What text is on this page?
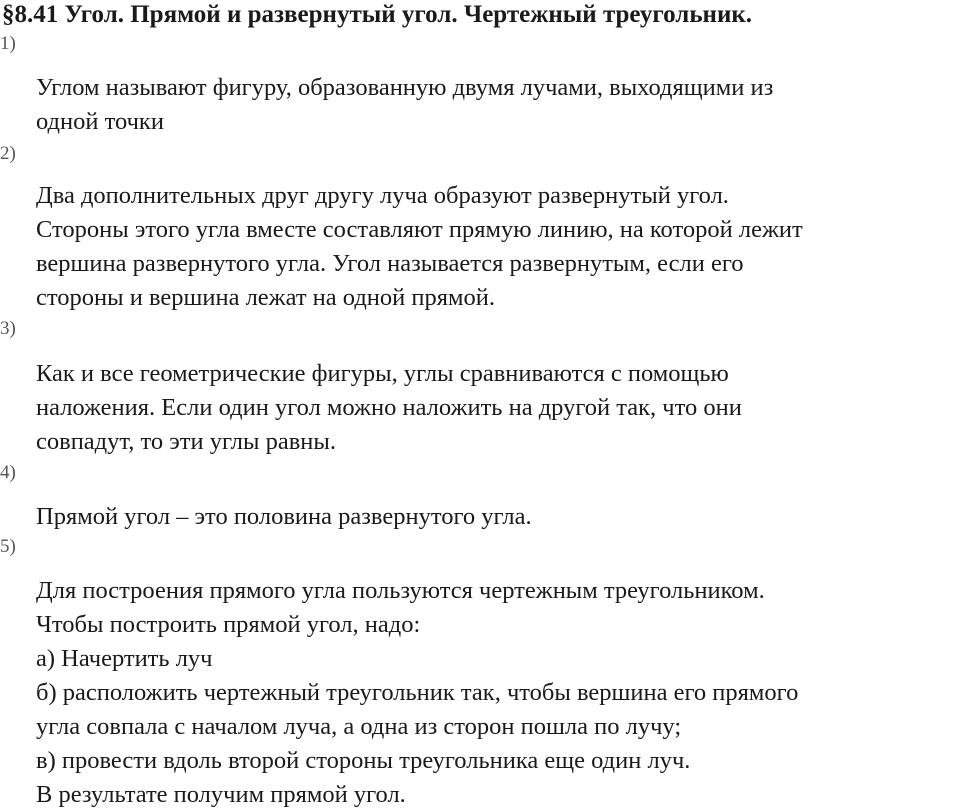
§8.41 Угол. Прямой и развернутый угол. Чертежный треугольник.
1)
Углом называют фигуру, образованную двумя лучами, выходящими из
одной точки
2)
Два дополнительных друг другу луча образуют развернутый угол.
Стороны этого угла вместе составляют прямую линию, на которой лежит
вершина развернутого угла. Угол называется развернутым, если его
стороны и вершина лежат на одной прямой.
3)
Как и все геометрические фигуры, углы сравниваются с помощью
наложения. Если один угол можно наложить на другой так, что они
совпадут, то эти углы равны.
4)
Прямой угол – это половина развернутого угла.
5)
Для построения прямого угла пользуются чертежным треугольником.
Чтобы построить прямой угол, надо:
а) Начертить луч
б) расположить чертежный треугольник так, чтобы вершина его прямого
угла совпала с началом луча, а одна из сторон пошла по лучу;
в) провести вдоль второй стороны треугольника еще один луч.
В результате получим прямой угол.
